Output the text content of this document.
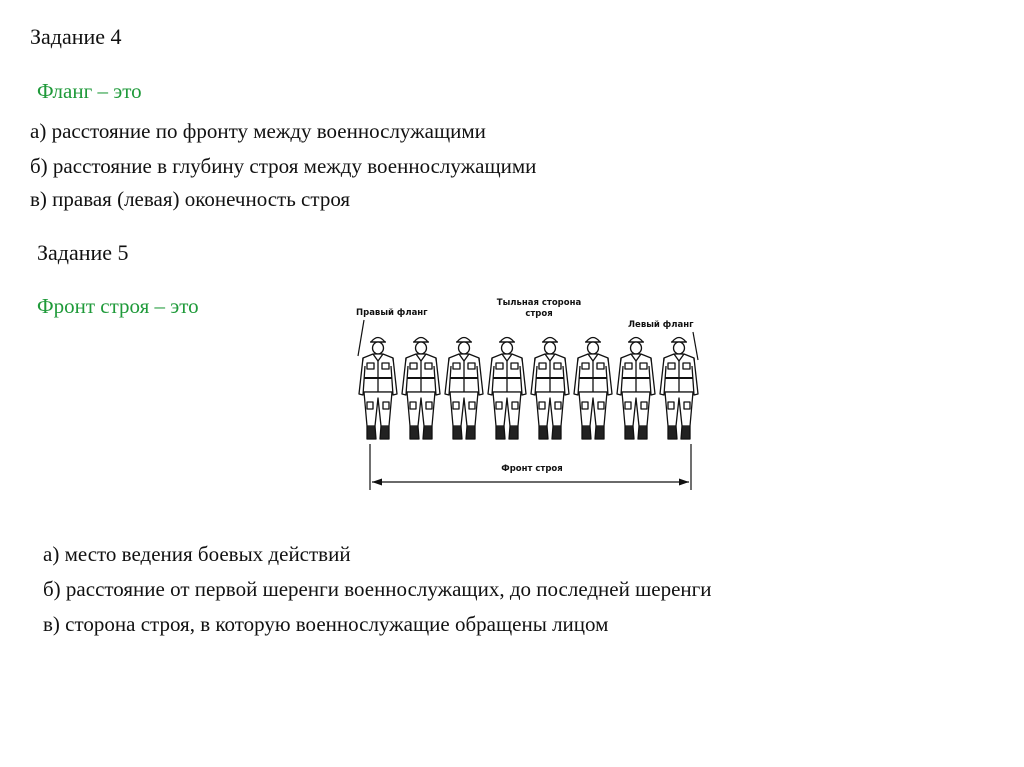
Задание 4
Фланг – это
а) расстояние по фронту между военнослужащими
б) расстояние в глубину строя между военнослужащими
в) правая (левая) оконечность строя
Задание 5
Фронт строя – это	Правый фланг
Тыльная сторона
строя
Левый фланг
Фронт строя
а) место ведения боевых действий
б) расстояние от первой шеренги военнослужащих, до последней шеренги
в) сторона строя, в которую военнослужащие обращены лицом
